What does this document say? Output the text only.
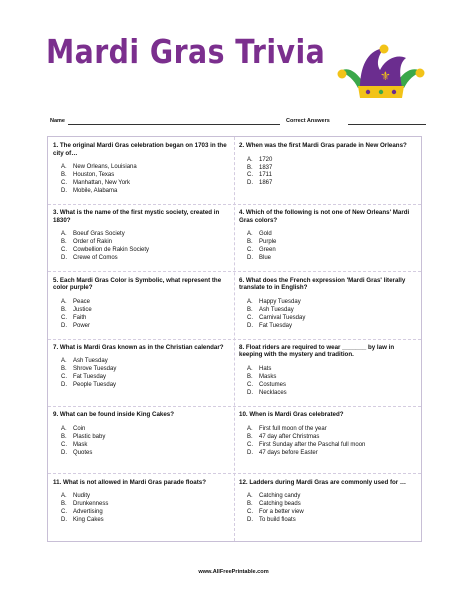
Mardi Gras Trivia
⚜
Name	Correct Answers

1. The original Mardi Gras celebration began on 1703 in the city of…

A. New Orleans, Louisiana
B. Houston, Texas
C. Manhattan, New York
D. Mobile, Alabama

2. When was the first Mardi Gras parade in New Orleans?

A. 1720
B. 1837
C. 1711
D. 1867

3. What is the name of the first mystic society, created in 1830?

A. Boeuf Gras Society
B. Order of Rakin
C. Cowbellion de Rakin Society
D. Crewe of Comos

4. Which of the following is not one of New Orleans' Mardi Gras colors?

A. Gold
B. Purple
C. Green
D. Blue

5. Each Mardi Gras Color is Symbolic, what represent the color purple?

A. Peace
B. Justice
C. Faith
D. Power

6. What does the French expression 'Mardi Gras' literally translate to in English?

A. Happy Tuesday
B. Ash Tuesday
C. Carnival Tuesday
D. Fat Tuesday

7. What is Mardi Gras known as in the Christian calendar?

A. Ash Tuesday
B. Shrove Tuesday
C. Fat Tuesday
D. People Tuesday

8. Float riders are required to wear _______ by law in keeping with the mystery and tradition.

A. Hats
B. Masks
C. Costumes
D. Necklaces

9. What can be found inside King Cakes?

A. Coin
B. Plastic baby
C. Mask
D. Quotes

10. When is Mardi Gras celebrated?

A. First full moon of the year
B. 47 day after Christmas
C. First Sunday after the Paschal full moon
D. 47 days before Easter

11. What is not allowed in Mardi Gras parade floats?

A. Nudity
B. Drunkenness
C. Advertising
D. King Cakes

12. Ladders during Mardi Gras are commonly used for …

A. Catching candy
B. Catching beads
C. For a better view
D. To build floats
www.AllFreePrintable.com
